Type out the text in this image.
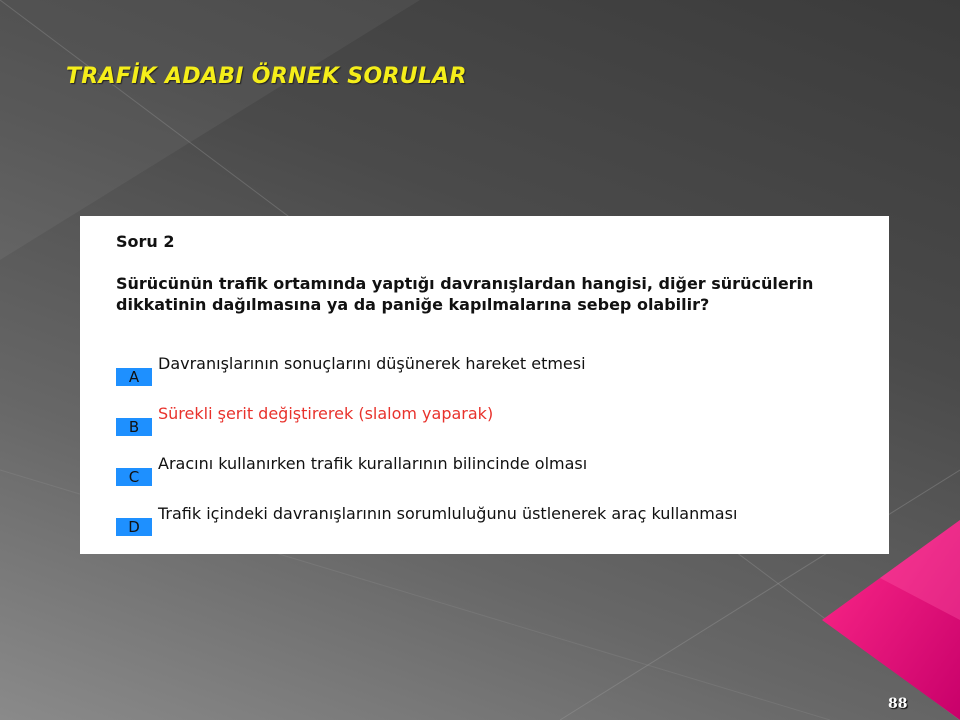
TRAFİK ADABI ÖRNEK SORULAR
Soru 2

Sürücünün trafik ortamında yaptığı davranışlardan hangisi, diğer sürücülerin dikkatinin dağılmasına ya da paniğe kapılmalarına sebep olabilir?

A
Davranışlarının sonuçlarını düşünerek hareket etmesi
B
Sürekli şerit değiştirerek (slalom yaparak)
C
Aracını kullanırken trafik kurallarının bilincinde olması
D
Trafik içindeki davranışlarının sorumluluğunu üstlenerek araç kullanması
88
